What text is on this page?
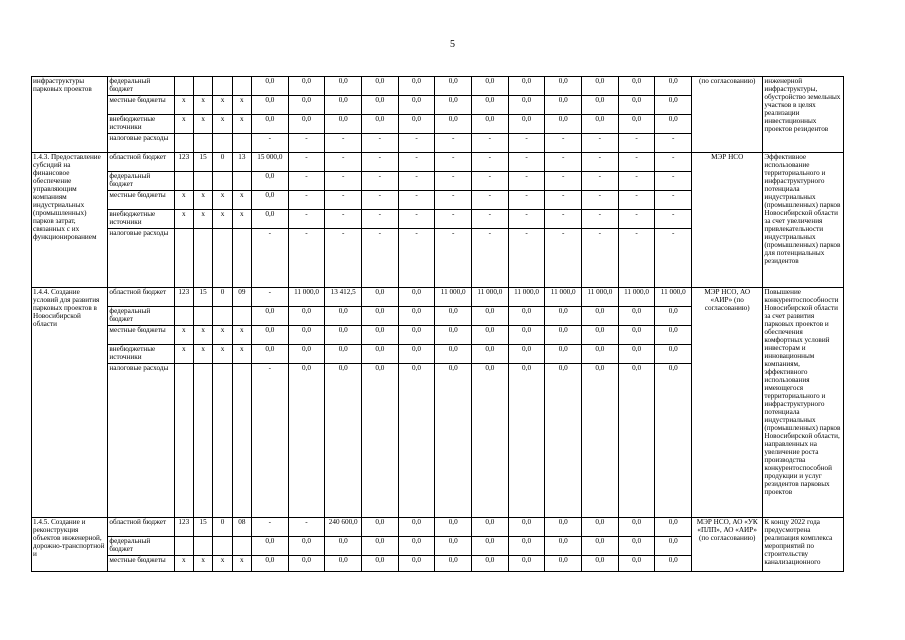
5
инфраструктуры парковых проектов	федеральный бюджет					0,0	0,0	0,0	0,0	0,0	0,0	0,0	0,0	0,0	0,0	0,0	0,0	(по согласованию)	инженерной инфраструктуры, обустройство земельных участков в целях реализации инвестиционных проектов резидентов
	местные бюджеты	x	x	x	x	0,0	0,0	0,0	0,0	0,0	0,0	0,0	0,0	0,0	0,0	0,0	0,0		
	внебюджетные источники	x	x	x	x	0,0	0,0	0,0	0,0	0,0	0,0	0,0	0,0	0,0	0,0	0,0	0,0		
	налоговые расходы					-	-	-	-	-	-	-	-	-	-	-	-		
1.4.3. Предоставление субсидий на финансовое обеспечение управляющим компаниям индустриальных (промышленных) парков затрат, связанных с их функционированием	областной бюджет	123	15	0	13	15 000,0	-	-	-	-	-	-	-	-	-	-	-	МЭР НСО	Эффективное использование территориального и инфраструктурного потенциала индустриальных (промышленных) парков Новосибирской области за счет увеличения привлекательности индустриальных (промышленных) парков для потенциальных резидентов
	федеральный бюджет					0,0	-	-	-	-	-	-	-	-	-	-	-		
	местные бюджеты	x	x	x	x	0,0	-	-	-	-	-	-	-	-	-	-	-		
	внебюджетные источники	x	x	x	x	0,0	-	-	-	-	-	-	-	-	-	-	-		
	налоговые расходы					-	-	-	-	-	-	-	-	-	-	-	-		
1.4.4. Создание условий для развития парковых проектов в Новосибирской области	областной бюджет	123	15	0	09	-	11 000,0	13 412,5	0,0	0,0	11 000,0	11 000,0	11 000,0	11 000,0	11 000,0	11 000,0	11 000,0	МЭР НСО, АО «АИР» (по согласованию)	Повышение конкурентоспособности Новосибирской области за счет развития парковых проектов и обеспечения комфортных условий инвесторам и инновационным компаниям, эффективного использования имеющегося территориального и инфраструктурного потенциала индустриальных (промышленных) парков Новосибирской области, направленных на увеличение роста производства конкурентоспособной продукции и услуг резидентов парковых проектов
	федеральный бюджет					0,0	0,0	0,0	0,0	0,0	0,0	0,0	0,0	0,0	0,0	0,0	0,0		
	местные бюджеты	x	x	x	x	0,0	0,0	0,0	0,0	0,0	0,0	0,0	0,0	0,0	0,0	0,0	0,0		
	внебюджетные источники	x	x	x	x	0,0	0,0	0,0	0,0	0,0	0,0	0,0	0,0	0,0	0,0	0,0	0,0		
	налоговые расходы					-	0,0	0,0	0,0	0,0	0,0	0,0	0,0	0,0	0,0	0,0	0,0		
1.4.5. Создание и реконструкция объектов инженерной, дорожно-транспортной и	областной бюджет	123	15	0	08	-	-	240 600,0	0,0	0,0	0,0	0,0	0,0	0,0	0,0	0,0	0,0	МЭР НСО, АО «УК «ПЛП», АО «АИР» (по согласованию)	К концу 2022 года предусмотрена реализация комплекса мероприятий по строительству канализационного
	федеральный бюджет					0,0	0,0	0,0	0,0	0,0	0,0	0,0	0,0	0,0	0,0	0,0	0,0		
	местные бюджеты	x	x	x	x	0,0	0,0	0,0	0,0	0,0	0,0	0,0	0,0	0,0	0,0	0,0	0,0		
